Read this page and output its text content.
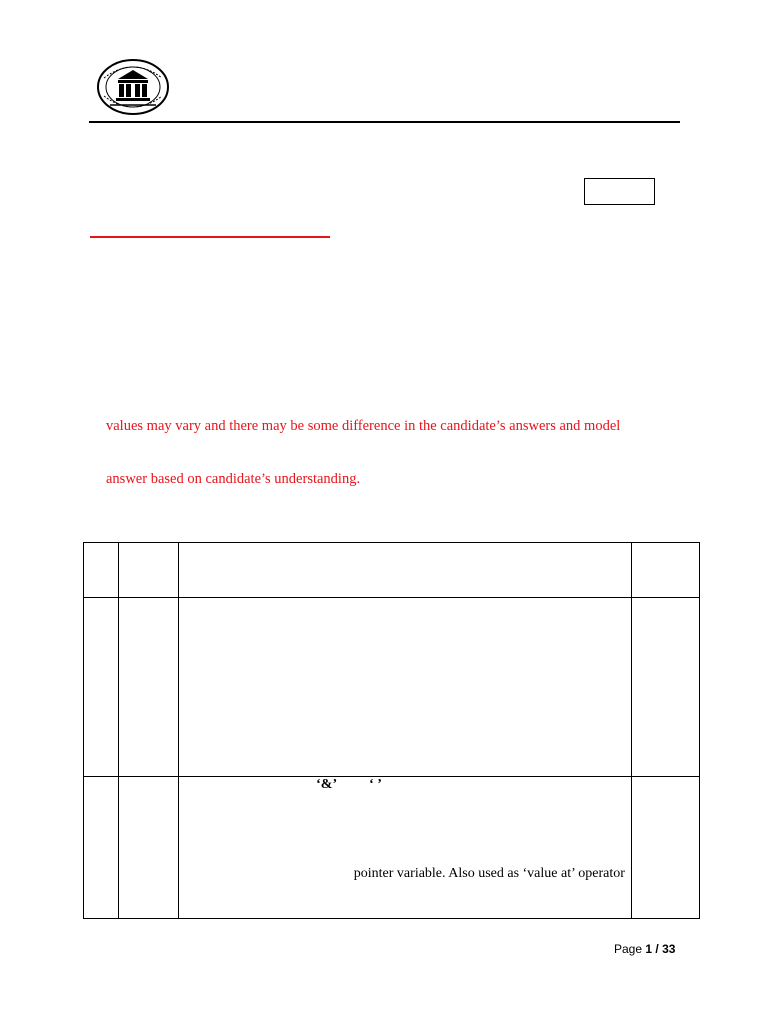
values may vary and there may be some difference in the candidate’s answers and model
answer based on candidate’s understanding.

		‘&’ ‘ ’
pointer variable. Also used as ‘value at’ operator	

Page 1 / 33
